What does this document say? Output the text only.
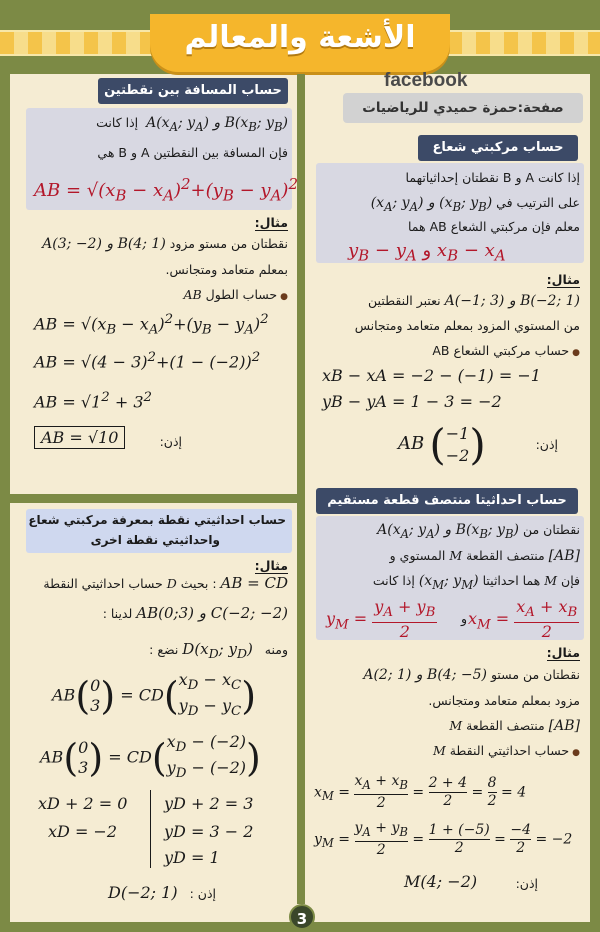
الأشعة والمعالم
facebook
صفحة:حمزة حميدي للرياضيات
حساب المسافة بين نقطتين
$B(x_B$; $y_B$) و $A(x_A$; $y_A$)  إذا كانت
فإن المسافة بين النقطتين A و B هي
AB = $√(x_B - x_A)^2+(y_B - y_A)^2$
مثال:
نقطتان من مستو مزود B(4; 1) و A(3; −2)
بمعلم متعامد ومتجانس.
● حساب الطول AB
AB = $√(x_B - x_A)^2+(y_B - y_A)^2$
AB = $√(4 - 3)^2+(1 - (-2))^2$
AB = $√1^2 + 3^2$
AB = √10	إذن:
حساب مركبتي شعاع
إذا كانت A و B نقطتان إحداثياتهما
على الترتيب في ($x_B$; $y_B$) و ($x_A$; $y_A$)
معلم فإن مركبتي الشعاع AB هما
$y_B - y_A$ و $x_B - x_A$
مثال:
B(−2; 1) و A(−1; 3) نعتبر النقطتين
من المستوي المزود بمعلم متعامد ومتجانس
● حساب مركبتي الشعاع AB
xB − xA = −2 − (−1) = −1
yB − yA = 1 − 3 = −2
AB (−1
−2)	إذن:
حساب احداثيتي نقطة بمعرفة مركبتي شعاع
واحداثيتي نقطة اخرى
مثال:
AB = CD : بحيث D حساب احداثيتي النقطة
C(−2; −2) و AB(0;3) لدينا :
ومنه   $D(x_D$; $y_D$) نضع :
AB(0
$3) = CD(x_D - x_C$
$y_D - y_C$)
AB(0
$3) = CD(x_D - (-2)$
$y_D - (-2)$)
xD + 2 = 0
xD = −2
yD + 2 = 3
yD = 3 − 2
yD = 1
D(−2; 1) إذن :
حساب احداثيتا منتصف قطعة مستقيم
نقطتان من $B(x_B$; $y_B$) و $A(x_A$; $y_A$)
[AB] منتصف القطعة M المستوي و
فإن M هما احداثيتا ($x_M$; $y_M$) إذا كانت
$y_M = \frac{y_A + y_B}{2}$ و $x_M = \frac{x_A + x_B}{2}$
مثال:
نقطتان من مستو B(4; −5) و A(2; 1)
مزود بمعلم متعامد ومتجانس.
[AB] منتصف القطعة M
● حساب احداثيتي النقطة M
$x_M$ =
$x_A + x_B$
2 =
2 + 4
2 =
8
2 = 4
$y_M$ =
$y_A + y_B$
2 =
1 + (−5)
2 =
−4
2 = −2
M(4; −2)	إذن:
3
